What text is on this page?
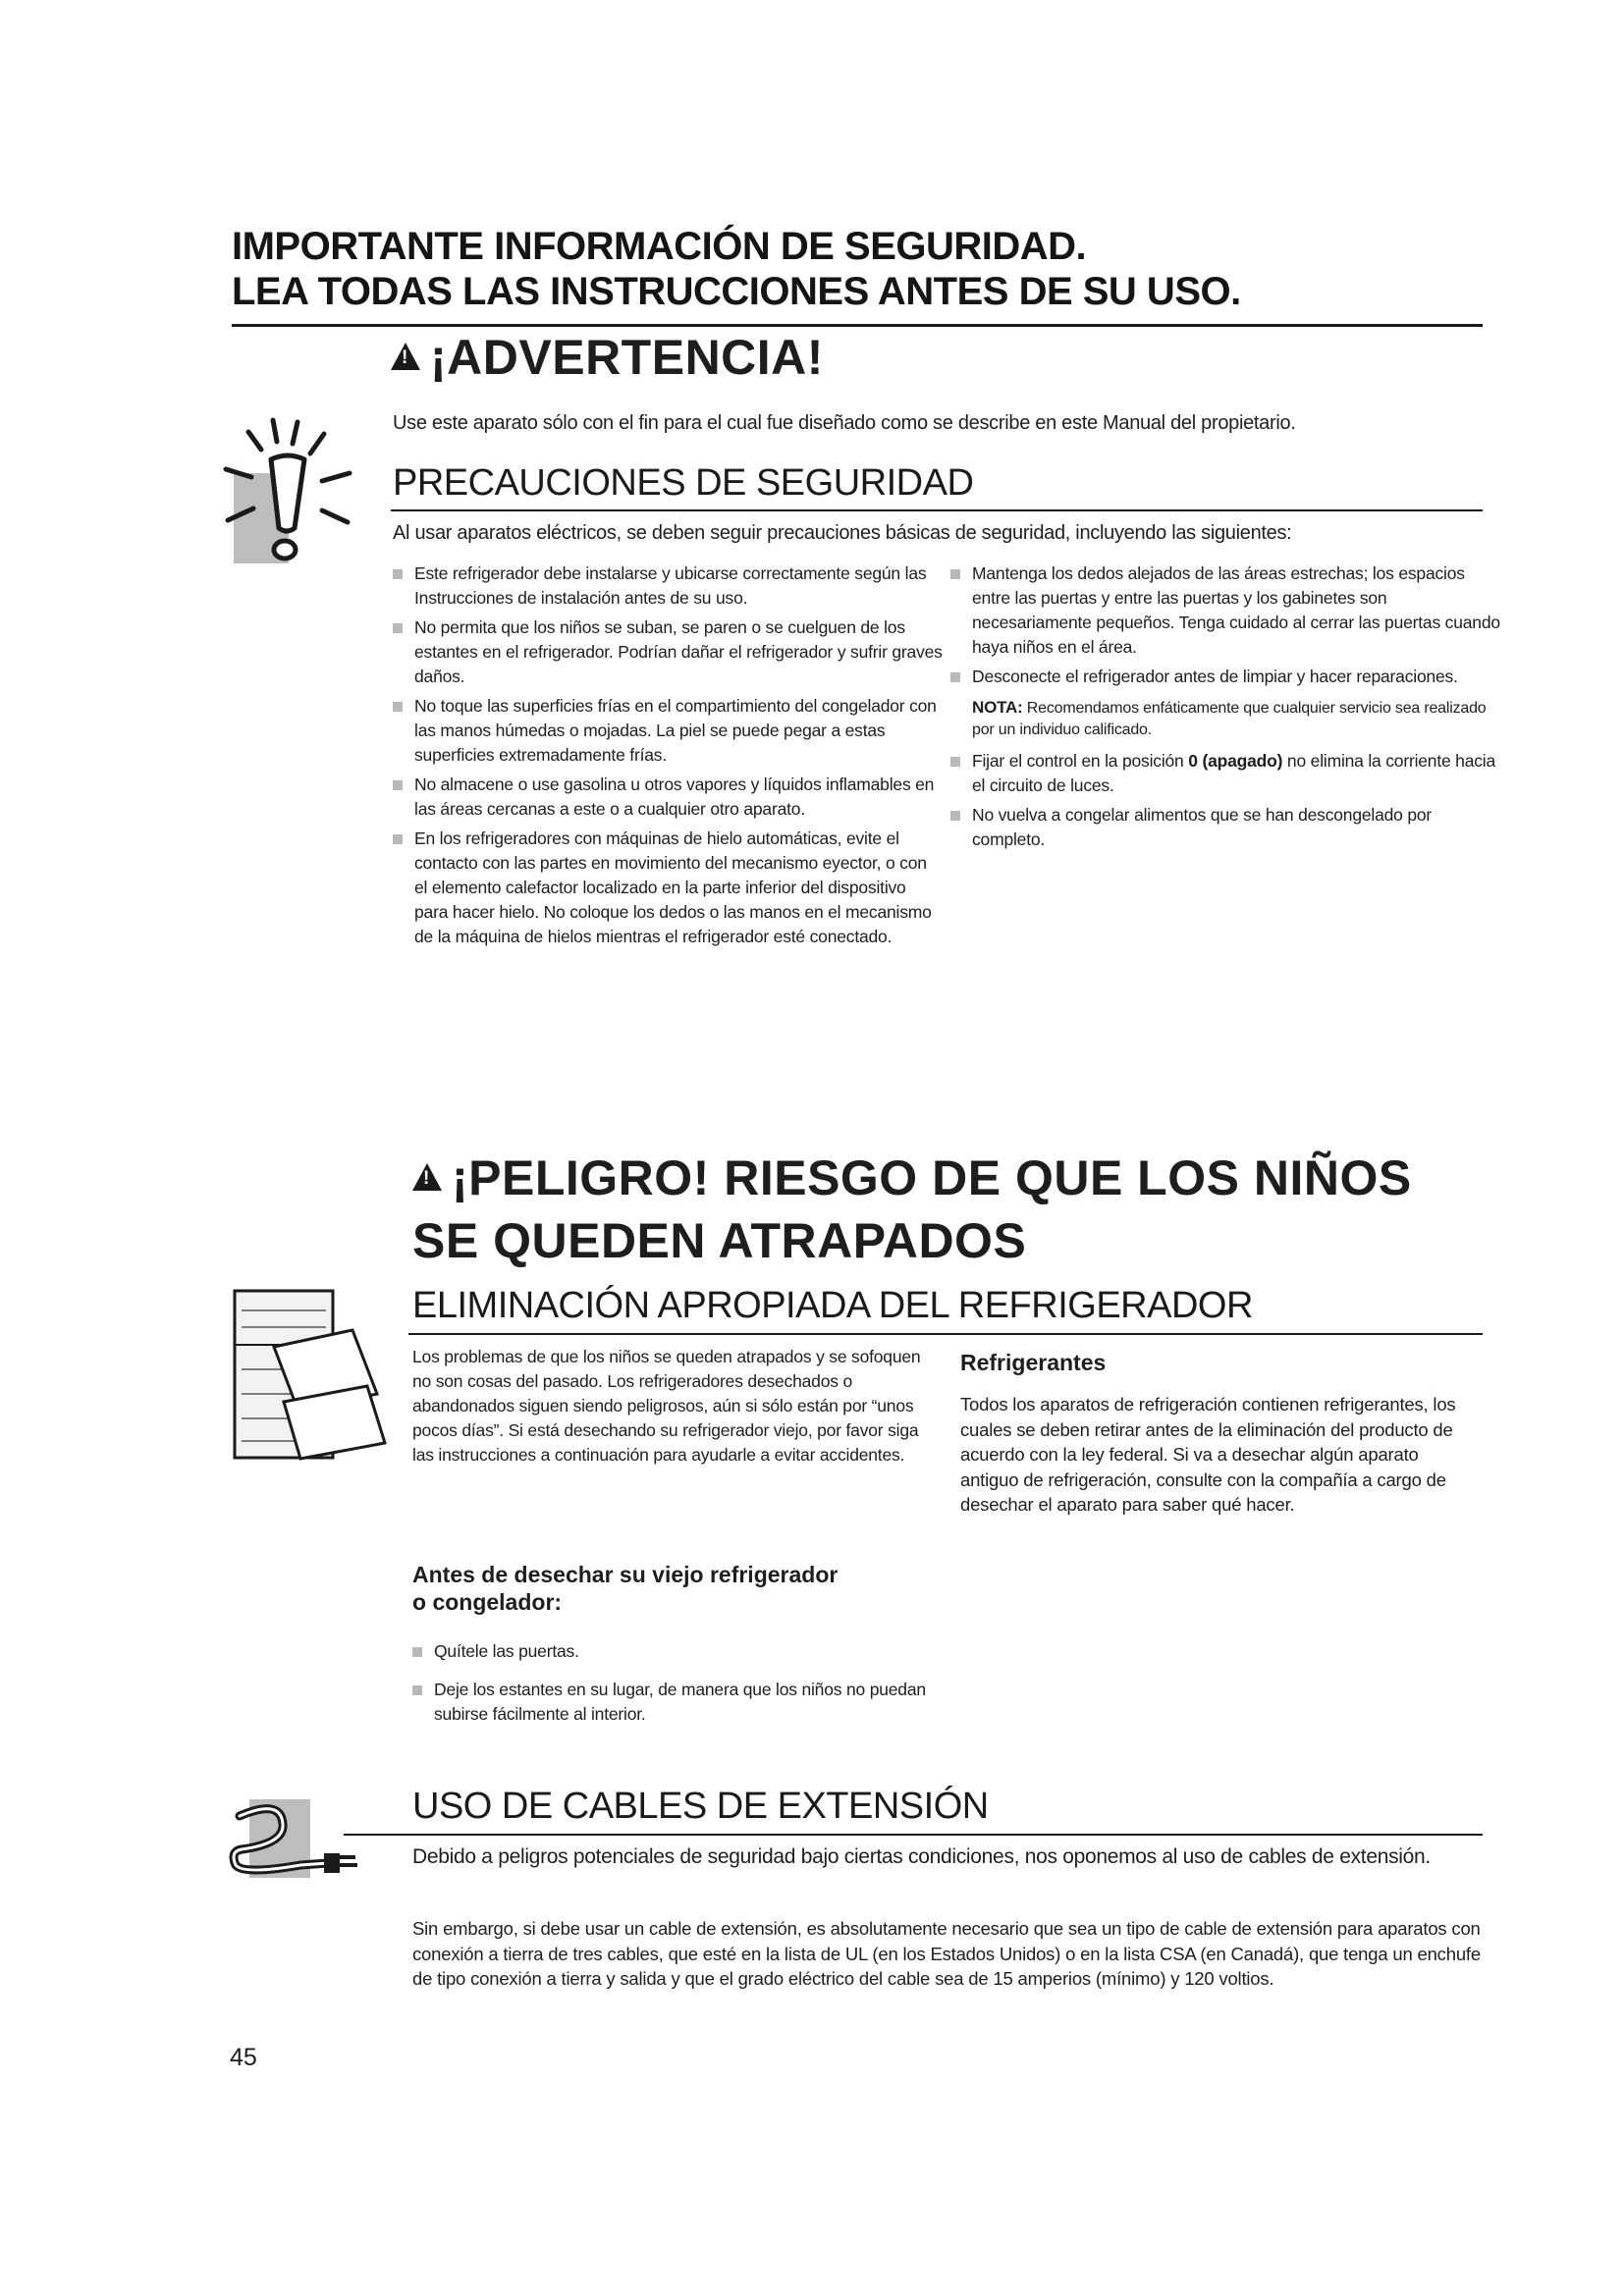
IMPORTANTE INFORMACIÓN DE SEGURIDAD.
LEA TODAS LAS INSTRUCCIONES ANTES DE SU USO.
!¡ADVERTENCIA!
Use este aparato sólo con el fin para el cual fue diseñado como se describe en este Manual del propietario.
PRECAUCIONES DE SEGURIDAD
Al usar aparatos eléctricos, se deben seguir precauciones básicas de seguridad, incluyendo las siguientes:

Este refrigerador debe instalarse y ubicarse correctamente según las Instrucciones de instalación antes de su uso.

No permita que los niños se suban, se paren o se cuelguen de los estantes en el refrigerador. Podrían dañar el refrigerador y sufrir graves daños.

No toque las superficies frías en el compartimiento del congelador con las manos húmedas o mojadas. La piel se puede pegar a estas superficies extremadamente frías.

No almacene o use gasolina u otros vapores y líquidos inflamables en las áreas cercanas a este o a cualquier otro aparato.

En los refrigeradores con máquinas de hielo automáticas, evite el contacto con las partes en movimiento del mecanismo eyector, o con el elemento calefactor localizado en la parte inferior del dispositivo para hacer hielo. No coloque los dedos o las manos en el mecanismo de la máquina de hielos mientras el refrigerador esté conectado.

Mantenga los dedos alejados de las áreas estrechas; los espacios entre las puertas y entre las puertas y los gabinetes son necesariamente pequeños. Tenga cuidado al cerrar las puertas cuando haya niños en el área.

Desconecte el refrigerador antes de limpiar y hacer reparaciones.

NOTA: Recomendamos enfáticamente que cualquier servicio sea realizado por un individuo calificado.

Fijar el control en la posición 0 (apagado) no elimina la corriente hacia el circuito de luces.

No vuelva a congelar alimentos que se han descongelado por completo.

!¡PELIGRO! RIESGO DE QUE LOS NIÑOS
SE QUEDEN ATRAPADOS
ELIMINACIÓN APROPIADA DEL REFRIGERADOR
Los problemas de que los niños se queden atrapados y se sofoquen no son cosas del pasado. Los refrigeradores desechados o abandonados siguen siendo peligrosos, aún si sólo están por “unos pocos días”. Si está desechando su refrigerador viejo, por favor siga las instrucciones a continuación para ayudarle a evitar accidentes.
Antes de desechar su viejo refrigerador
o congelador:
Quítele las puertas.
Deje los estantes en su lugar, de manera que los niños no puedan subirse fácilmente al interior.
Refrigerantes
Todos los aparatos de refrigeración contienen refrigerantes, los cuales se deben retirar antes de la eliminación del producto de acuerdo con la ley federal. Si va a desechar algún aparato antiguo de refrigeración, consulte con la compañía a cargo de desechar el aparato para saber qué hacer.
USO DE CABLES DE EXTENSIÓN
Debido a peligros potenciales de seguridad bajo ciertas condiciones, nos oponemos al uso de cables de extensión.
Sin embargo, si debe usar un cable de extensión, es absolutamente necesario que sea un tipo de cable de extensión para aparatos con conexión a tierra de tres cables, que esté en la lista de UL (en los Estados Unidos) o en la lista CSA (en Canadá), que tenga un enchufe de tipo conexión a tierra y salida y que el grado eléctrico del cable sea de 15 amperios (mínimo) y 120 voltios.
45
